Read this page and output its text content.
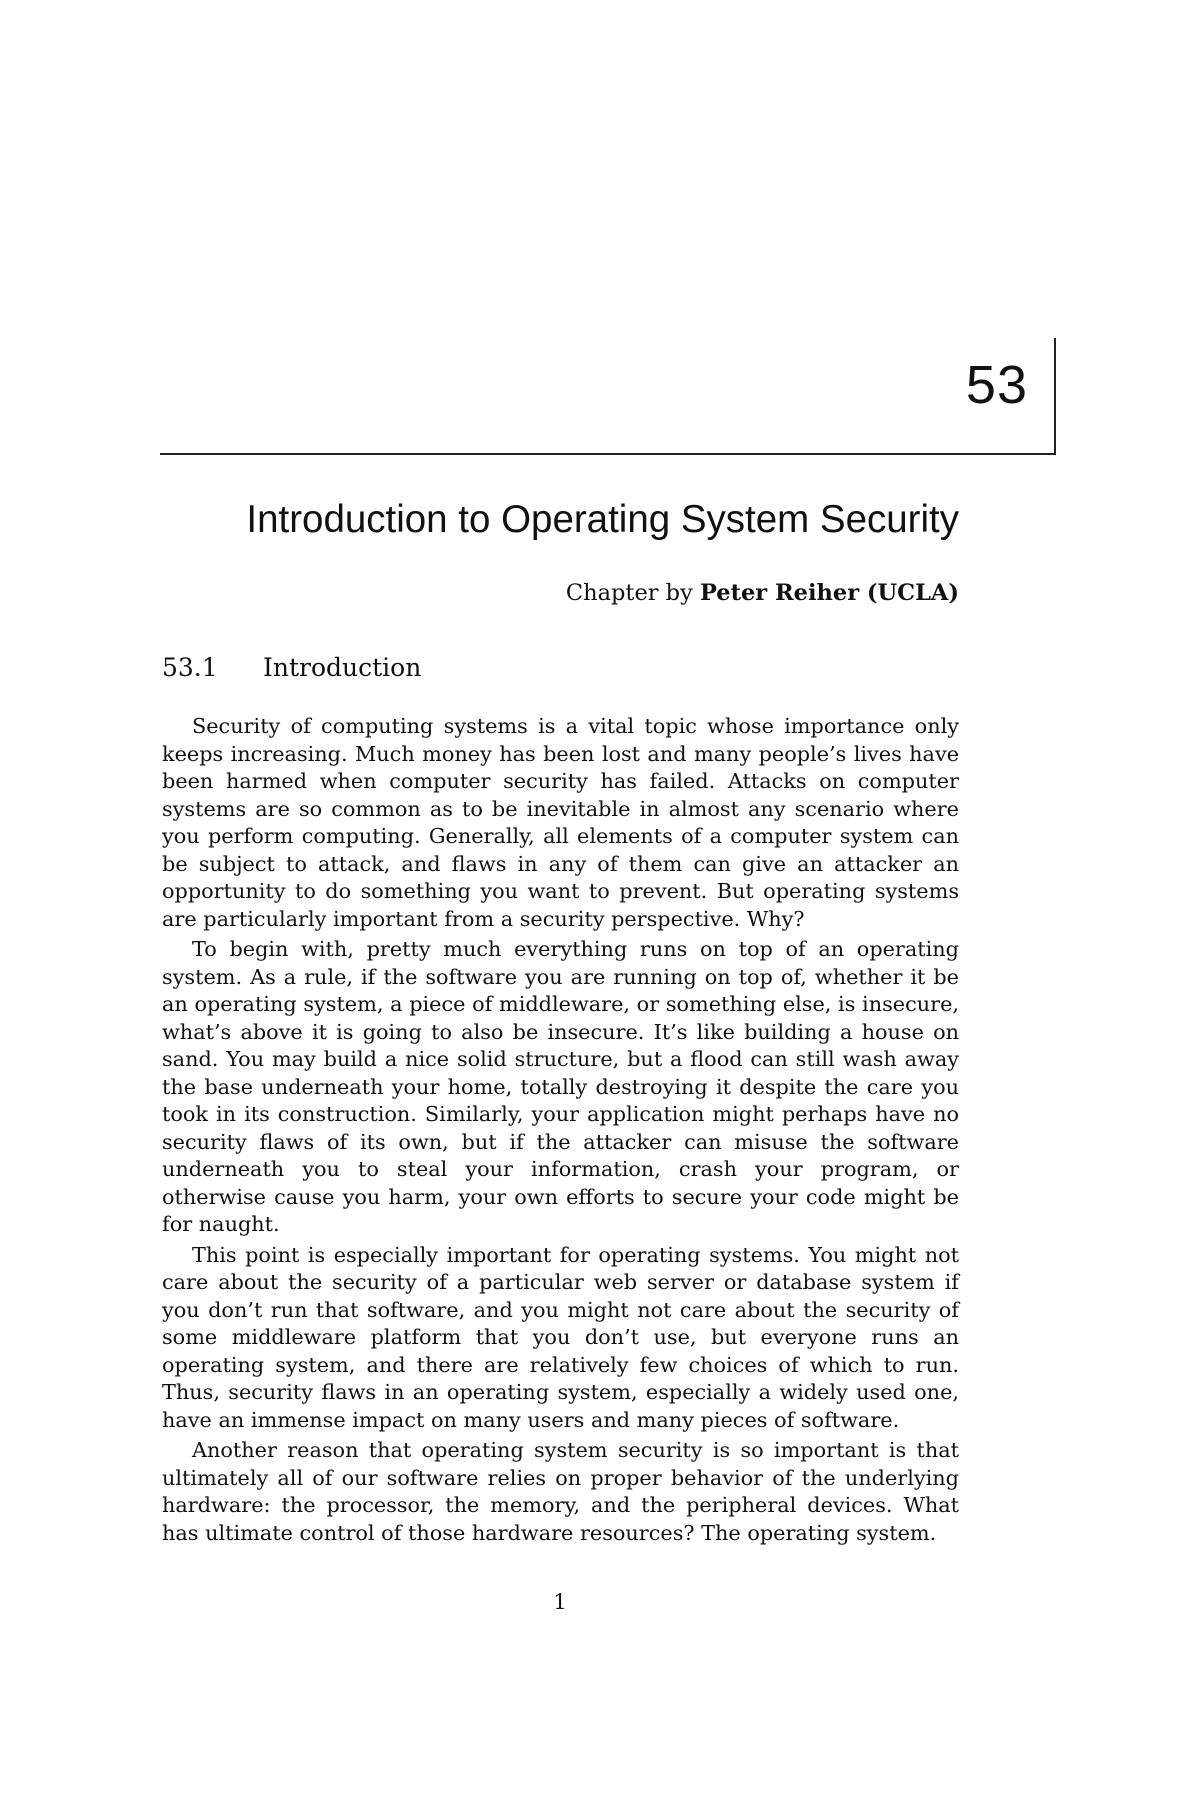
53
Introduction to Operating System Security
Chapter by Peter Reiher (UCLA)
53.1 Introduction

Security of computing systems is a vital topic whose importance only keeps increasing. Much money has been lost and many people’s lives have been harmed when computer security has failed. Attacks on computer systems are so common as to be inevitable in almost any scenario where you perform computing. Generally, all elements of a computer system can be subject to attack, and flaws in any of them can give an attacker an opportunity to do something you want to prevent. But operating systems are particularly important from a security perspective. Why?

To begin with, pretty much everything runs on top of an operating system. As a rule, if the software you are running on top of, whether it be an operating system, a piece of middleware, or something else, is insecure, what’s above it is going to also be insecure. It’s like building a house on sand. You may build a nice solid structure, but a flood can still wash away the base underneath your home, totally destroying it despite the care you took in its construction. Similarly, your application might perhaps have no security flaws of its own, but if the attacker can misuse the software underneath you to steal your information, crash your program, or otherwise cause you harm, your own efforts to secure your code might be for naught.

This point is especially important for operating systems. You might not care about the security of a particular web server or database system if you don’t run that software, and you might not care about the security of some middleware platform that you don’t use, but everyone runs an operating system, and there are relatively few choices of which to run. Thus, security flaws in an operating system, especially a widely used one, have an immense impact on many users and many pieces of software.

Another reason that operating system security is so important is that ultimately all of our software relies on proper behavior of the underlying hardware: the processor, the memory, and the peripheral devices. What has ultimate control of those hardware resources? The operating system.

1
